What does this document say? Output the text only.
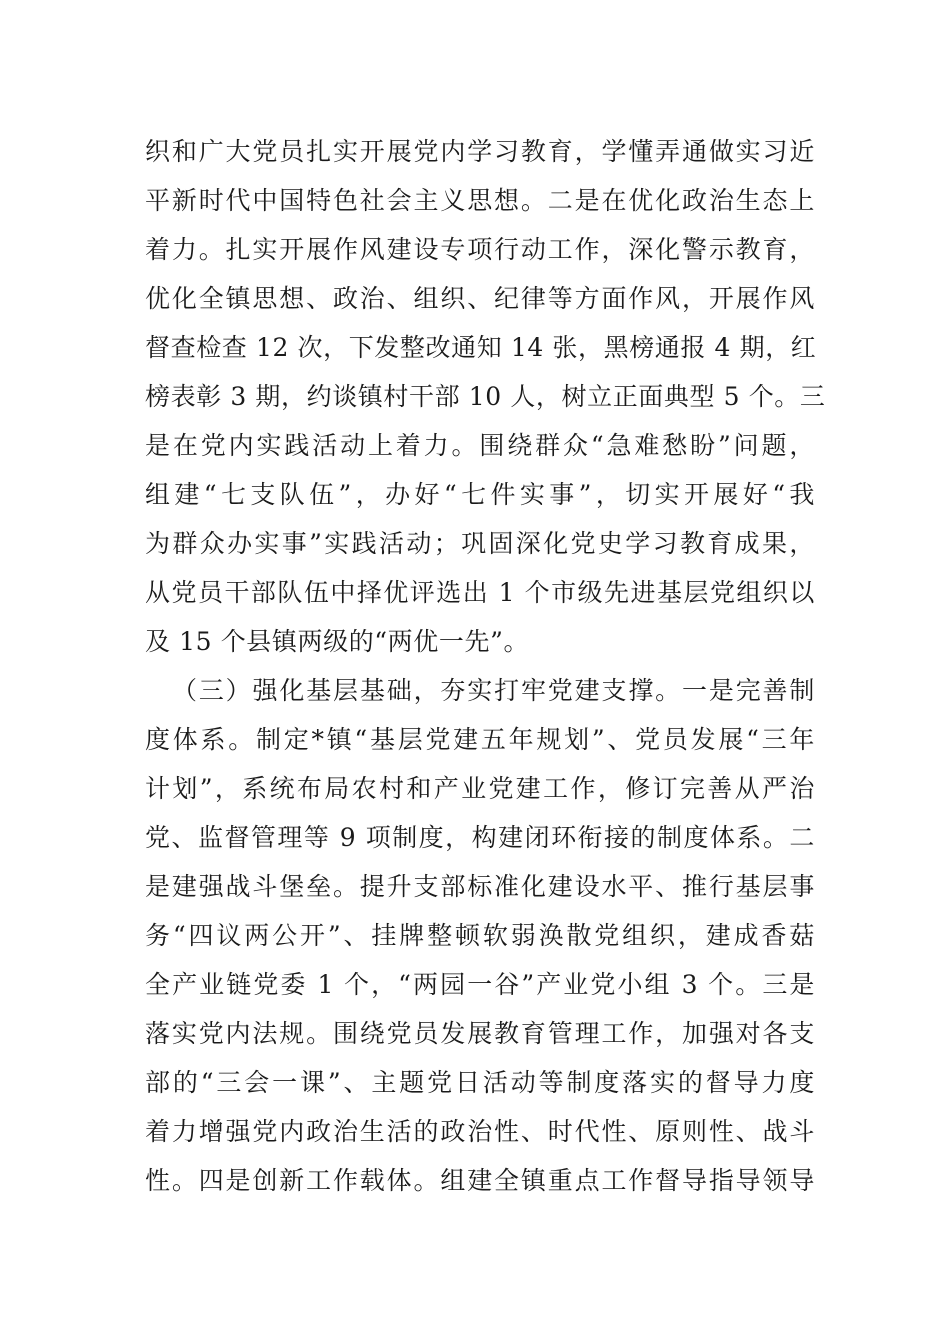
织和广大党员扎实开展党内学习教育，学懂弄通做实习近
平新时代中国特色社会主义思想。二是在优化政治生态上
着力。扎实开展作风建设专项行动工作，深化警示教育，
优化全镇思想、政治、组织、纪律等方面作风，开展作风
督查检查 12 次，下发整改通知 14 张，黑榜通报 4 期，红
榜表彰 3 期，约谈镇村干部 10 人，树立正面典型 5 个。三
是在党内实践活动上着力。围绕群众“急难愁盼”问题，
组建“七支队伍”，办好“七件实事”，切实开展好“我
为群众办实事”实践活动；巩固深化党史学习教育成果，
从党员干部队伍中择优评选出 1 个市级先进基层党组织以
及 15 个县镇两级的“两优一先”。
（三）强化基层基础，夯实打牢党建支撑。一是完善制
度体系。制定*镇“基层党建五年规划”、党员发展“三年
计划”，系统布局农村和产业党建工作，修订完善从严治
党、监督管理等 9 项制度，构建闭环衔接的制度体系。二
是建强战斗堡垒。提升支部标准化建设水平、推行基层事
务“四议两公开”、挂牌整顿软弱涣散党组织，建成香菇
全产业链党委 1 个，“两园一谷”产业党小组 3 个。三是
落实党内法规。围绕党员发展教育管理工作，加强对各支
部的“三会一课”、主题党日活动等制度落实的督导力度
着力增强党内政治生活的政治性、时代性、原则性、战斗
性。四是创新工作载体。组建全镇重点工作督导指导领导
